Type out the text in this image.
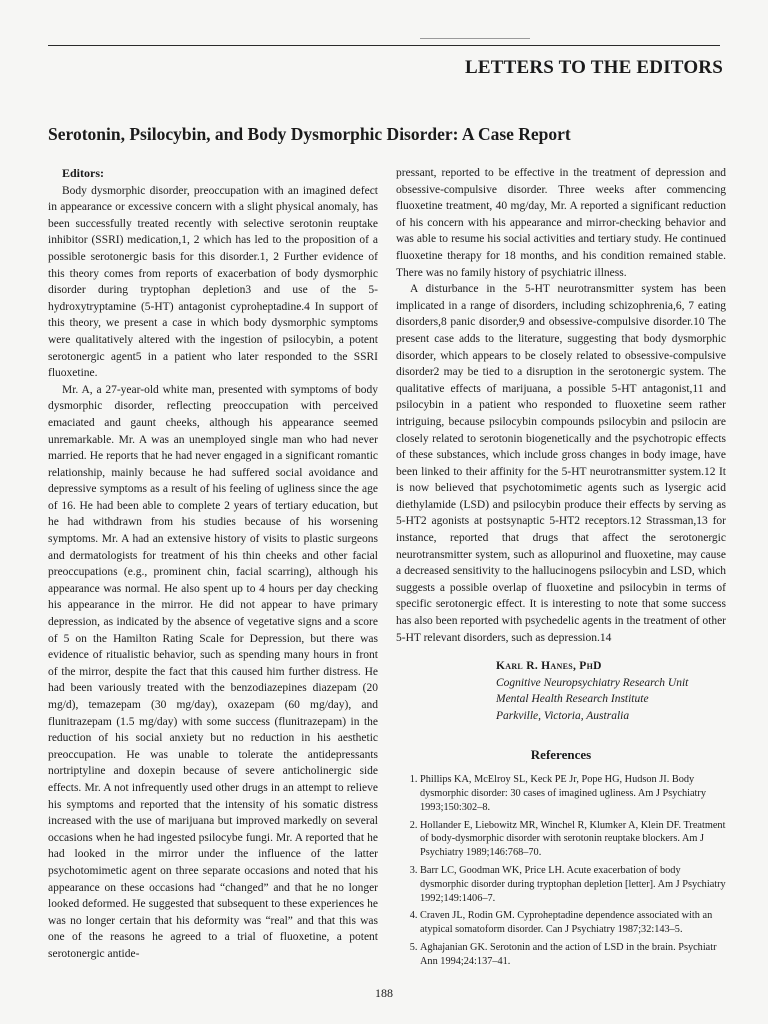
LETTERS TO THE EDITORS
Serotonin, Psilocybin, and Body Dysmorphic Disorder: A Case Report

Editors:

Body dysmorphic disorder, preoccupation with an imagined defect in appearance or excessive concern with a slight physical anomaly, has been successfully treated recently with selective serotonin reuptake inhibitor (SSRI) medication,1, 2 which has led to the proposition of a possible serotonergic basis for this disorder.1, 2 Further evidence of this theory comes from reports of exacerbation of body dysmorphic disorder during tryptophan depletion3 and use of the 5-hydroxytryptamine (5-HT) antagonist cyproheptadine.4 In support of this theory, we present a case in which body dysmorphic symptoms were qualitatively altered with the ingestion of psilocybin, a potent serotonergic agent5 in a patient who later responded to the SSRI fluoxetine.

Mr. A, a 27-year-old white man, presented with symptoms of body dysmorphic disorder, reflecting preoccupation with perceived emaciated and gaunt cheeks, although his appearance seemed unremarkable. Mr. A was an unemployed single man who had never married. He reports that he had never engaged in a significant romantic relationship, mainly because he had suffered social avoidance and depressive symptoms as a result of his feeling of ugliness since the age of 16. He had been able to complete 2 years of tertiary education, but he had withdrawn from his studies because of his worsening symptoms. Mr. A had an extensive history of visits to plastic surgeons and dermatologists for treatment of his thin cheeks and other facial preoccupations (e.g., prominent chin, facial scarring), although his appearance was normal. He also spent up to 4 hours per day checking his appearance in the mirror. He did not appear to have primary depression, as indicated by the absence of vegetative signs and a score of 5 on the Hamilton Rating Scale for Depression, but there was evidence of ritualistic behavior, such as spending many hours in front of the mirror, despite the fact that this caused him further distress. He had been variously treated with the benzodiazepines diazepam (20 mg/d), temazepam (30 mg/day), oxazepam (60 mg/day), and flunitrazepam (1.5 mg/day) with some success (flunitrazepam) in the reduction of his social anxiety but no reduction in his aesthetic preoccupation. He was unable to tolerate the antidepressants nortriptyline and doxepin because of severe anticholinergic side effects. Mr. A not infrequently used other drugs in an attempt to relieve his symptoms and reported that the intensity of his somatic distress increased with the use of marijuana but improved markedly on several occasions when he had ingested psilocybe fungi. Mr. A reported that he had looked in the mirror under the influence of the latter psychotomimetic agent on three separate occasions and noted that his appearance on these occasions had “changed” and that he no longer looked deformed. He suggested that subsequent to these experiences he was no longer certain that his deformity was “real” and that this was one of the reasons he agreed to a trial of fluoxetine, a potent serotonergic antide-

pressant, reported to be effective in the treatment of depression and obsessive-compulsive disorder. Three weeks after commencing fluoxetine treatment, 40 mg/day, Mr. A reported a significant reduction of his concern with his appearance and mirror-checking behavior and was able to resume his social activities and tertiary study. He continued fluoxetine therapy for 18 months, and his condition remained stable. There was no family history of psychiatric illness.

A disturbance in the 5-HT neurotransmitter system has been implicated in a range of disorders, including schizophrenia,6, 7 eating disorders,8 panic disorder,9 and obsessive-compulsive disorder.10 The present case adds to the literature, suggesting that body dysmorphic disorder, which appears to be closely related to obsessive-compulsive disorder2 may be tied to a disruption in the serotonergic system. The qualitative effects of marijuana, a possible 5-HT antagonist,11 and psilocybin in a patient who responded to fluoxetine seem rather intriguing, because psilocybin compounds psilocybin and psilocin are closely related to serotonin biogenetically and the psychotropic effects of these substances, which include gross changes in body image, have been linked to their affinity for the 5-HT neurotransmitter system.12 It is now believed that psychotomimetic agents such as lysergic acid diethylamide (LSD) and psilocybin produce their effects by serving as 5-HT2 agonists at postsynaptic 5-HT2 receptors.12 Strassman,13 for instance, reported that drugs that affect the serotonergic neurotransmitter system, such as allopurinol and fluoxetine, may cause a decreased sensitivity to the hallucinogens psilocybin and LSD, which suggests a possible overlap of fluoxetine and psilocybin in terms of specific serotonergic effect. It is interesting to note that some success has also been reported with psychedelic agents in the treatment of other 5-HT relevant disorders, such as depression.14

Karl R. Hanes, PhD
Cognitive Neuropsychiatry Research Unit
Mental Health Research Institute
Parkville, Victoria, Australia
References
1. Phillips KA, McElroy SL, Keck PE Jr, Pope HG, Hudson JI. Body dysmorphic disorder: 30 cases of imagined ugliness. Am J Psychiatry 1993;150:302–8.
2. Hollander E, Liebowitz MR, Winchel R, Klumker A, Klein DF. Treatment of body-dysmorphic disorder with serotonin reuptake blockers. Am J Psychiatry 1989;146:768–70.
3. Barr LC, Goodman WK, Price LH. Acute exacerbation of body dysmorphic disorder during tryptophan depletion [letter]. Am J Psychiatry 1992;149:1406–7.
4. Craven JL, Rodin GM. Cyproheptadine dependence associated with an atypical somatoform disorder. Can J Psychiatry 1987;32:143–5.
5. Aghajanian GK. Serotonin and the action of LSD in the brain. Psychiatr Ann 1994;24:137–41.
188
